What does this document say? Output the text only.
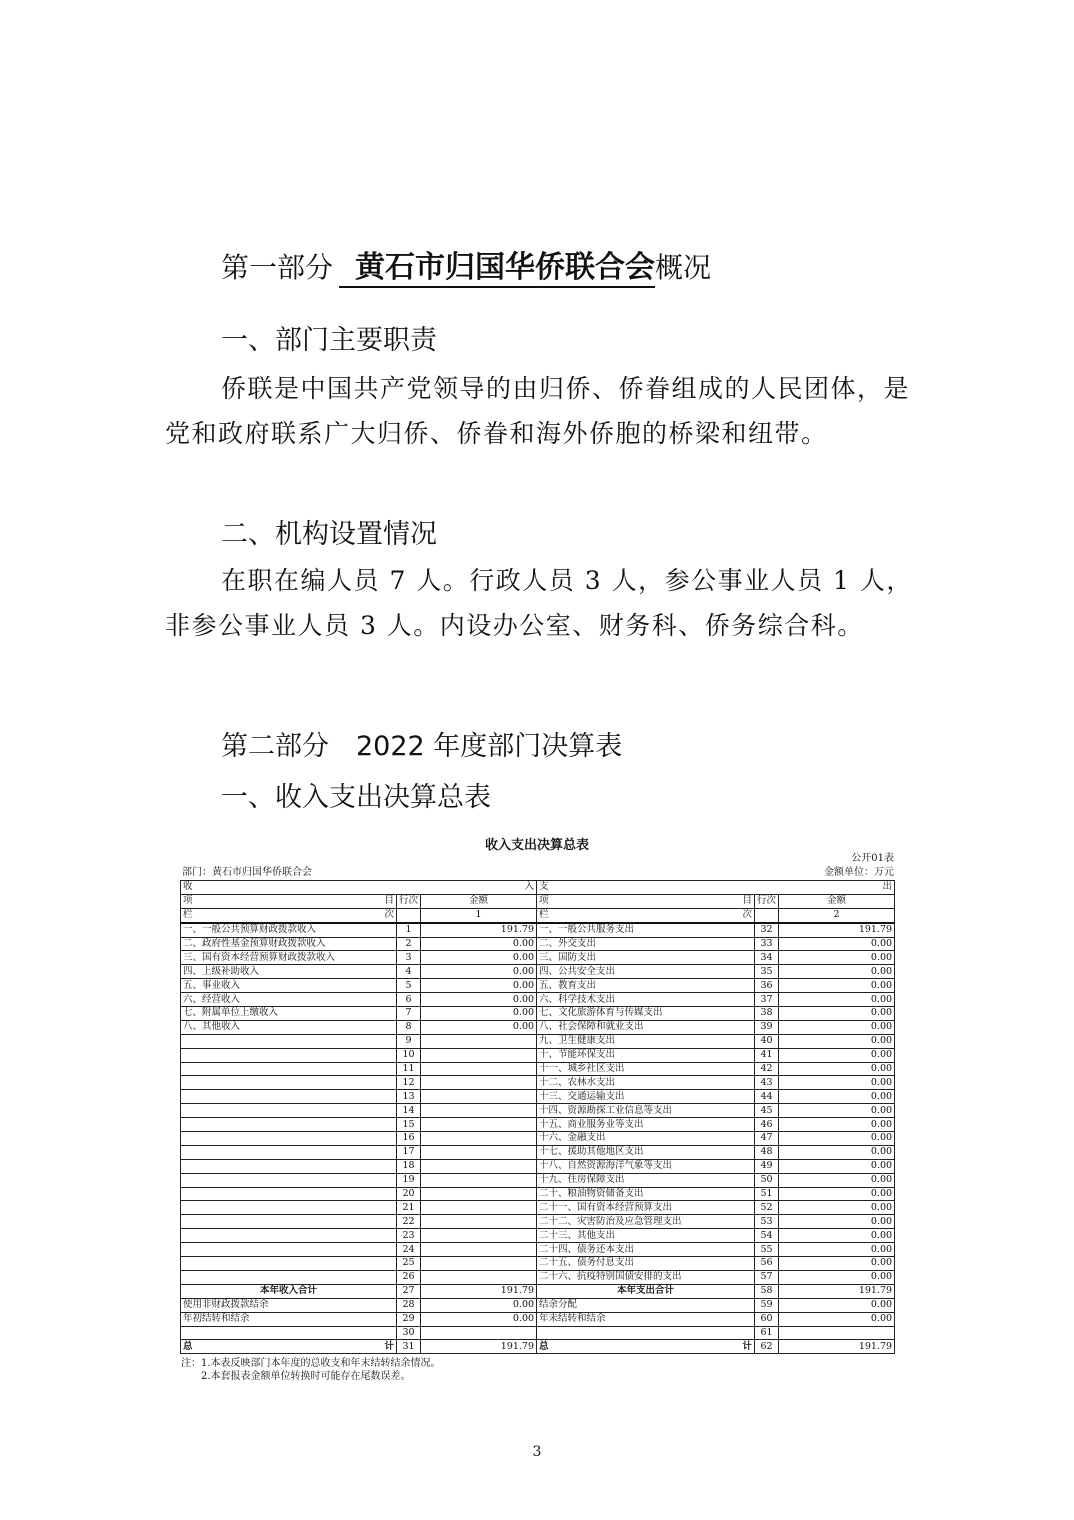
第一部分 黄石市归国华侨联合会概况
一、部门主要职责
侨联是中国共产党领导的由归侨、侨眷组成的人民团体，是党和政府联系广大归侨、侨眷和海外侨胞的桥梁和纽带。
二、机构设置情况
在职在编人员 7 人。行政人员 3 人，参公事业人员 1 人，非参公事业人员 3 人。内设办公室、财务科、侨务综合科。
第二部分　2022 年度部门决算表
一、收入支出决算总表
收入支出决算总表
公开01表
部门：黄石市归国华侨联合会	金额单位：万元
收 入			支 出		

项 目	行次	金额	项 目	行次	金额
栏 次		1	栏 次		2
一、一般公共预算财政拨款收入	1	191.79	一、一般公共服务支出	32	191.79
二、政府性基金预算财政拨款收入	2	0.00	二、外交支出	33	0.00
三、国有资本经营预算财政拨款收入	3	0.00	三、国防支出	34	0.00
四、上级补助收入	4	0.00	四、公共安全支出	35	0.00
五、事业收入	5	0.00	五、教育支出	36	0.00
六、经营收入	6	0.00	六、科学技术支出	37	0.00
七、附属单位上缴收入	7	0.00	七、文化旅游体育与传媒支出	38	0.00
八、其他收入	8	0.00	八、社会保障和就业支出	39	0.00
	9		九、卫生健康支出	40	0.00
	10		十、节能环保支出	41	0.00
	11		十一、城乡社区支出	42	0.00
	12		十二、农林水支出	43	0.00
	13		十三、交通运输支出	44	0.00
	14		十四、资源勘探工业信息等支出	45	0.00
	15		十五、商业服务业等支出	46	0.00
	16		十六、金融支出	47	0.00
	17		十七、援助其他地区支出	48	0.00
	18		十八、自然资源海洋气象等支出	49	0.00
	19		十九、住房保障支出	50	0.00
	20		二十、粮油物资储备支出	51	0.00
	21		二十一、国有资本经营预算支出	52	0.00
	22		二十二、灾害防治及应急管理支出	53	0.00
	23		二十三、其他支出	54	0.00
	24		二十四、债务还本支出	55	0.00
	25		二十五、债务付息支出	56	0.00
	26		二十六、抗疫特别国债安排的支出	57	0.00
本年收入合计	27	191.79	本年支出合计	58	191.79
使用非财政拨款结余	28	0.00	结余分配	59	0.00
年初结转和结余	29	0.00	年末结转和结余	60	0.00
	30			61	
总 计	31	191.79	总 计	62	191.79
注：1.本表反映部门本年度的总收支和年末结转结余情况。
　　2.本套报表金额单位转换时可能存在尾数误差。
3
